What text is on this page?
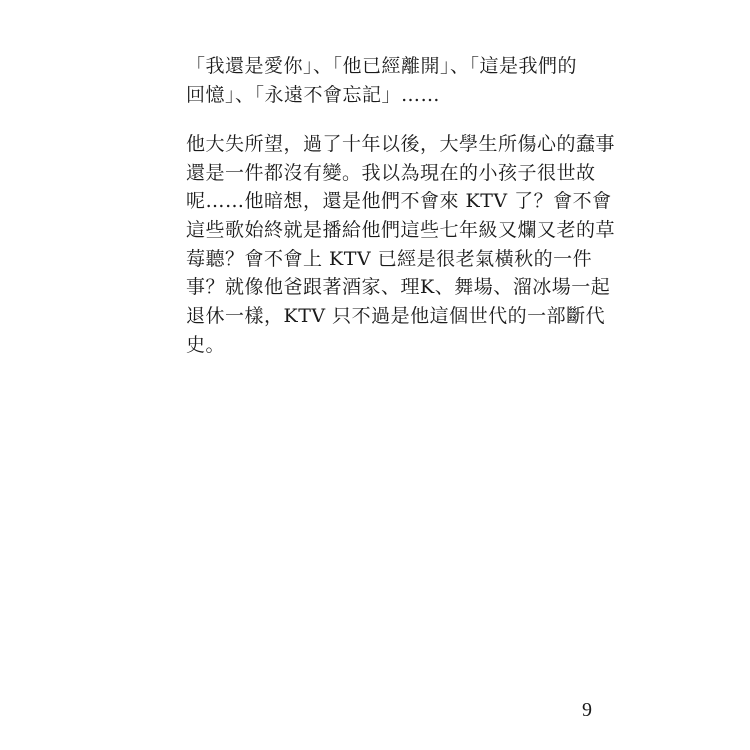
「我還是愛你」、「他已經離開」、「這是我們的
回憶」、「永遠不會忘記」……
他大失所望，過了十年以後，大學生所傷心的蠢事
還是一件都沒有變。我以為現在的小孩子很世故
呢……他暗想，還是他們不會來 KTV 了？會不會
這些歌始終就是播給他們這些七年級又爛又老的草
莓聽？會不會上 KTV 已經是很老氣橫秋的一件
事？就像他爸跟著酒家、理K、舞場、溜冰場一起
退休一樣，KTV 只不過是他這個世代的一部斷代
史。
9
